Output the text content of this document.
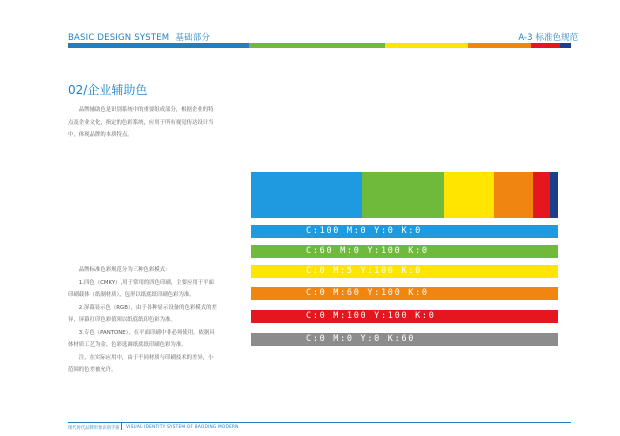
BASIC DESIGN SYSTEM 基础部分	A-3 标准色规范
02/企业辅助色

品牌辅助色是识别系统中的重要组成部分，根据企业的特点及企业文化，指定的色彩系统，应用于所有视觉传达设计当中，体现品牌的本质特点。

C:100 M:0 Y:0 K:0
C:60 M:0 Y:100 K:0
C:0 M:5 Y:100 K:0
C:0 M:60 Y:100 K:0
C:0 M:100 Y:100 K:0
C:0 M:0 Y:0 K:60

品牌标准色彩规范分为三种色彩模式：

1.四色（CMKY）,用于常用的四色印刷，主要应用于平面印刷载体（纸制材质），包形以纸底纸印刷色彩为准。

2.屏幕显示色（RGB），由于各种显示设备的色彩模式的差异，屏幕打印色彩值须以纸底纸印色彩为准。

3.专色（PANTONE），在平面印刷中非必须使用，依据具体材质工艺为金、色彩选调纸底纸印刷色彩为准。

注，在实际应用中，由于不同材质与印刷技术的差异，小范围的色差被允许。

现代时代品牌形象识别手册 VISUAL IDENTITY SYSTEM OF BAODING MODERN
